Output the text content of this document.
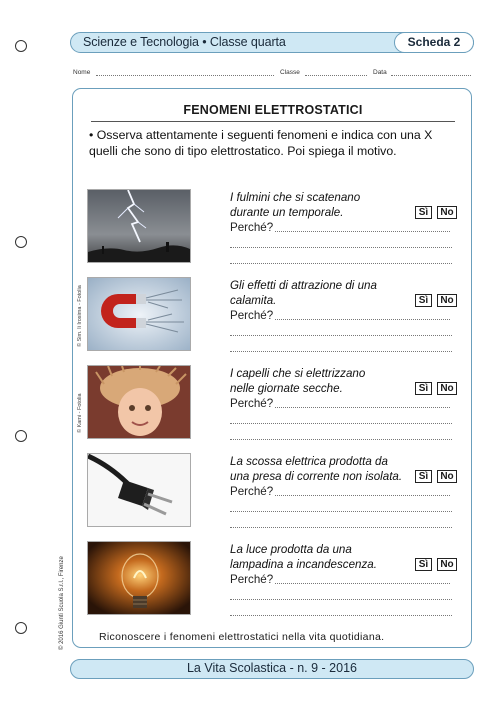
Scienze e Tecnologia • Classe quarta	Scheda 2
Nome	Classe	Data
FENOMENI ELETTROSTATICI
• Osserva attentamente i seguenti fenomeni e indica con una X quelli che sono di tipo elettrostatico. Poi spiega il motivo.
I fulmini che si scatenano
durante un temporale.	Sì	No
Perché?
Gli effetti di attrazione di una
calamita.	Sì	No
Perché?
I capelli che si elettrizzano
nelle giornate secche.	Sì	No
Perché?
La scossa elettrica prodotta da
una presa di corrente non isolata.	Sì	No
Perché?
La luce prodotta da una
lampadina a incandescenza.	Sì	No
Perché?
© Sim. Ii Irosima - Fotolia
© Kami - Fotolia
Riconoscere i fenomeni elettrostatici nella vita quotidiana.
© 2016 Giunti Scuola S.r.l., Firenze
La Vita Scolastica - n. 9 - 2016
